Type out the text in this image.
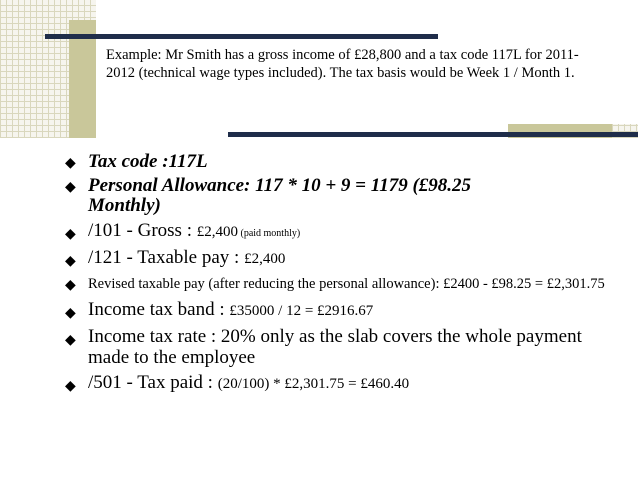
Example: Mr Smith has a gross income of £28,800 and a tax code 117L for 2011-2012 (technical wage types included). The tax basis would be Week 1 / Month 1.
◆ Tax code :117L
◆ Personal Allowance: 117 * 10 + 9 = 1179 (£98.25 Monthly)
◆ /101 - Gross : £2,400 (paid monthly)
◆ /121 - Taxable pay : £2,400
◆ Revised taxable pay (after reducing the personal allowance): £2400 - £98.25 = £2,301.75
◆ Income tax band : £35000 / 12 = £2916.67
◆ Income tax rate : 20% only as the slab covers the whole payment made to the employee
◆ /501 - Tax paid : (20/100) * £2,301.75 = £460.40
